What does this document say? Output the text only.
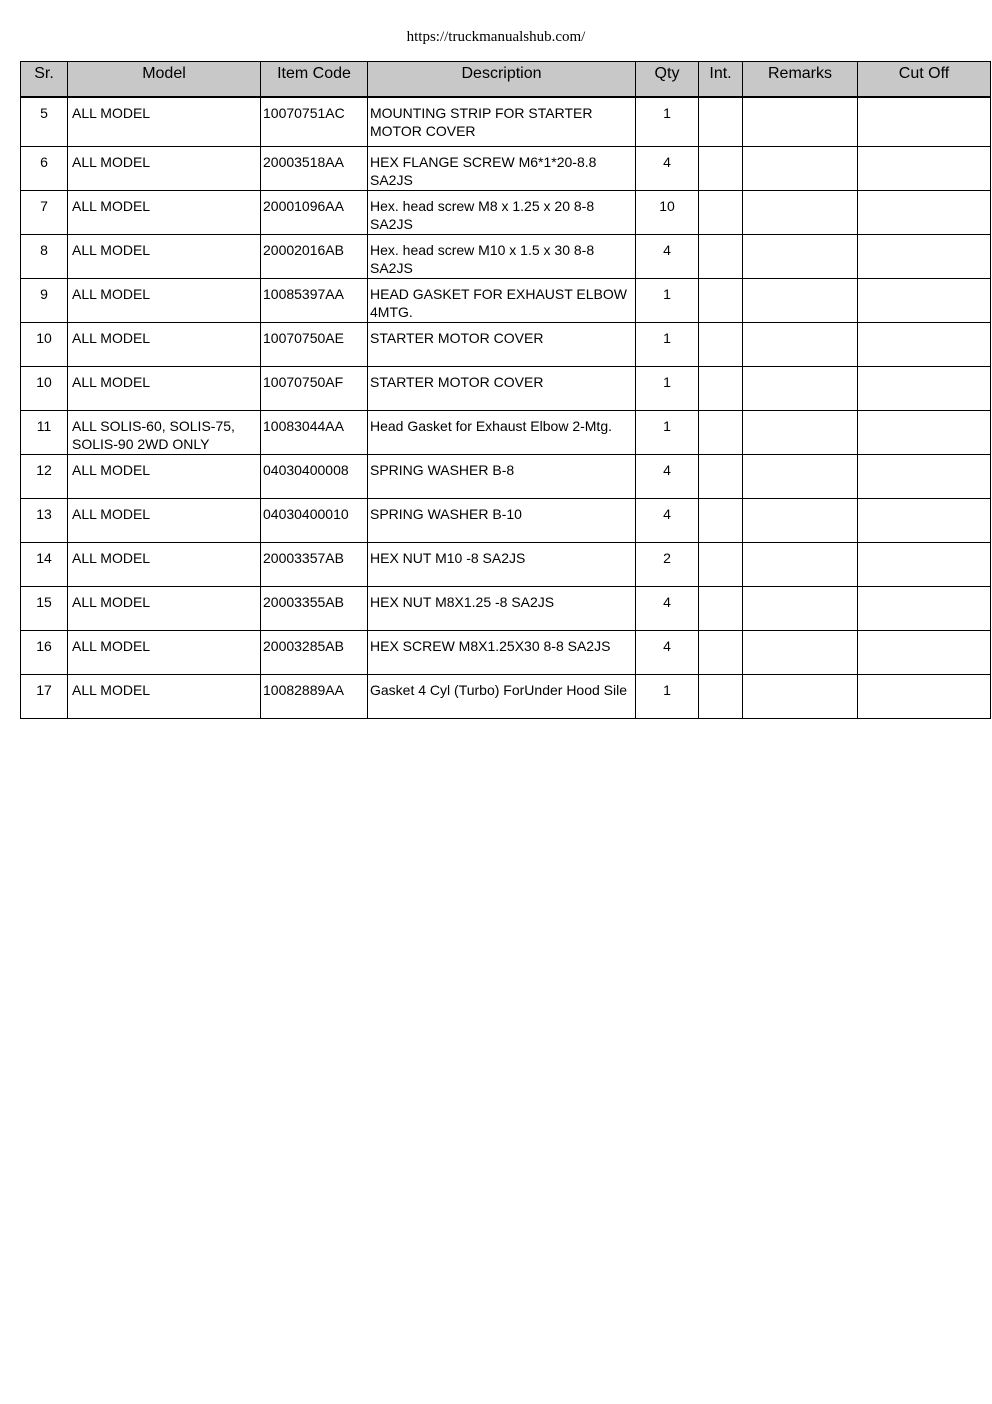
https://truckmanualshub.com/
Sr.	Model	Item Code	Description	Qty	Int.	Remarks	Cut Off
5	ALL MODEL	10070751AC	MOUNTING STRIP FOR STARTER MOTOR COVER	1			
6	ALL MODEL	20003518AA	HEX FLANGE SCREW M6*1*20-8.8 SA2JS	4			
7	ALL MODEL	20001096AA	Hex. head screw M8 x 1.25 x 20 8-8 SA2JS	10			
8	ALL MODEL	20002016AB	Hex. head screw M10 x 1.5 x 30 8-8 SA2JS	4			
9	ALL MODEL	10085397AA	HEAD GASKET FOR EXHAUST ELBOW 4MTG.	1			
10	ALL MODEL	10070750AE	STARTER MOTOR COVER	1			
10	ALL MODEL	10070750AF	STARTER MOTOR COVER	1			
11	ALL SOLIS-60, SOLIS-75, SOLIS-90 2WD ONLY	10083044AA	Head Gasket for Exhaust Elbow 2-Mtg.	1			
12	ALL MODEL	04030400008	SPRING WASHER B-8	4			
13	ALL MODEL	04030400010	SPRING WASHER B-10	4			
14	ALL MODEL	20003357AB	HEX NUT M10 -8 SA2JS	2			
15	ALL MODEL	20003355AB	HEX NUT M8X1.25 -8 SA2JS	4			
16	ALL MODEL	20003285AB	HEX SCREW M8X1.25X30 8-8 SA2JS	4			
17	ALL MODEL	10082889AA	Gasket 4 Cyl (Turbo) ForUnder Hood Sile	1			
